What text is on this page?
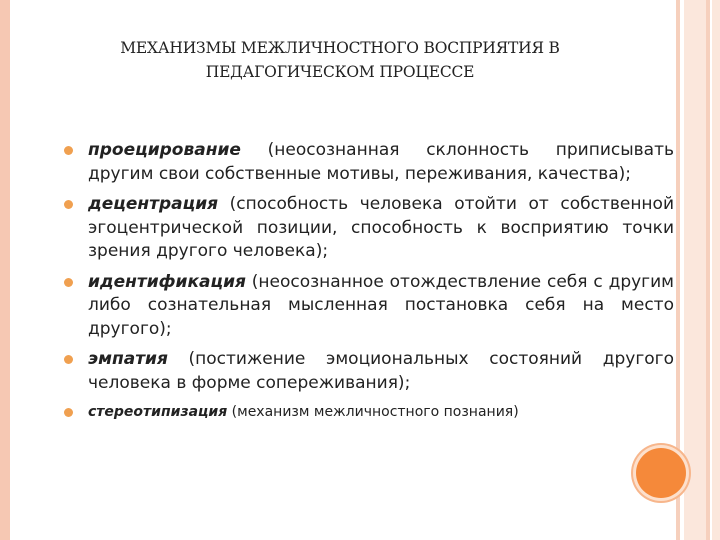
МЕХАНИЗМЫ МЕЖЛИЧНОСТНОГО ВОСПРИЯТИЯ В
ПЕДАГОГИЧЕСКОМ ПРОЦЕССЕ
проецирование (неосознанная склонность приписывать другим свои собственные мотивы, переживания, качества);
децентрация (способность человека отойти от собственной эгоцентрической позиции, способность к восприятию точки зрения другого человека);
идентификация (неосознанное отождествление себя с другим либо сознательная мысленная постановка себя на место другого);
эмпатия (постижение эмоциональных состояний другого человека в форме сопереживания);
стереотипизация (механизм межличностного познания)
